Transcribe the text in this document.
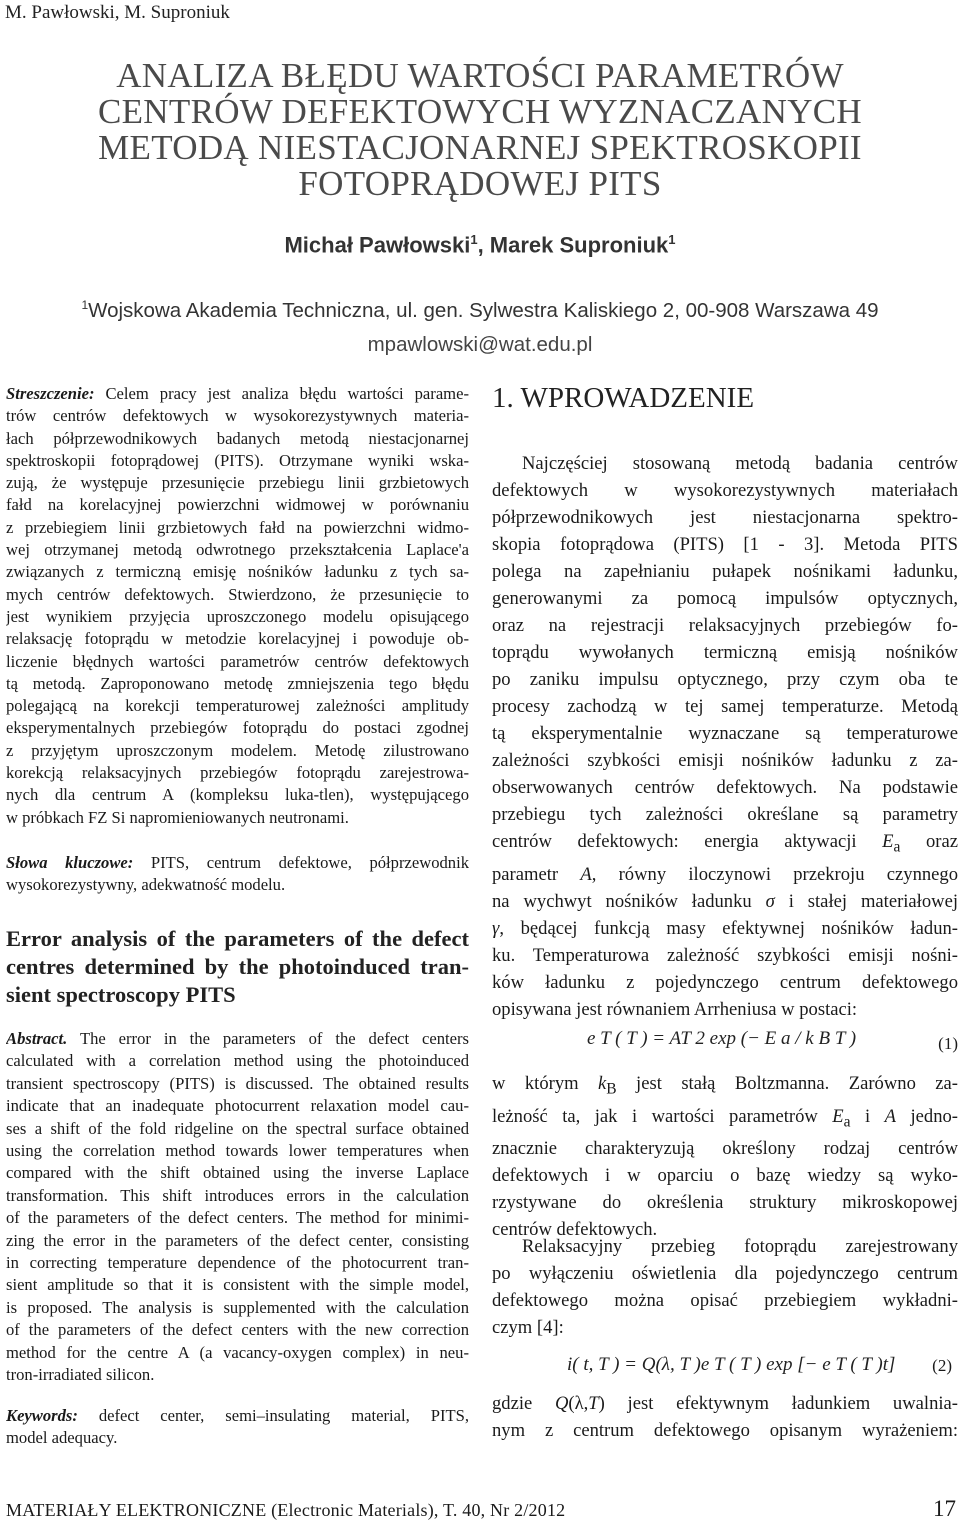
M. Pawłowski, M. Suproniuk
ANALIZA BŁĘDU WARTOŚCI PARAMETRÓW
CENTRÓW DEFEKTOWYCH WYZNACZANYCH
METODĄ NIESTACJONARNEJ SPEKTROSKOPII
FOTOPRĄDOWEJ PITS
Michał Pawłowski$^1$, Marek Suproniuk$^1$
$^1$Wojskowa Akademia Techniczna, ul. gen. Sylwestra Kaliskiego 2, 00-908 Warszawa 49
mpawlowski@wat.edu.pl
Streszczenie: Celem pracy jest analiza błędu wartości parame-
trów centrów defektowych w wysokorezystywnych materia-
łach półprzewodnikowych badanych metodą niestacjonarnej
spektroskopii fotoprądowej (PITS). Otrzymane wyniki wska-
zują, że występuje przesunięcie przebiegu linii grzbietowych
fałd na korelacyjnej powierzchni widmowej w porównaniu
z przebiegiem linii grzbietowych fałd na powierzchni widmo-
wej otrzymanej metodą odwrotnego przekształcenia Laplace'a
związanych z termiczną emisję nośników ładunku z tych sa-
mych centrów defektowych. Stwierdzono, że przesunięcie to
jest wynikiem przyjęcia uproszczonego modelu opisującego
relaksację fotoprądu w metodzie korelacyjnej i powoduje ob-
liczenie błędnych wartości parametrów centrów defektowych
tą metodą. Zaproponowano metodę zmniejszenia tego błędu
polegającą na korekcji temperaturowej zależności amplitudy
eksperymentalnych przebiegów fotoprądu do postaci zgodnej
z przyjętym uproszczonym modelem. Metodę zilustrowano
korekcją relaksacyjnych przebiegów fotoprądu zarejestrowa-
nych dla centrum A (kompleksu luka-tlen), występującego
w próbkach FZ Si napromieniowanych neutronami.
Słowa kluczowe: PITS, centrum defektowe, półprzewodnik
wysokorezystywny, adekwatność modelu.
Error analysis of the parameters of the defect
centres determined by the photoinduced tran-
sient spectroscopy PITS
Abstract. The error in the parameters of the defect centers
calculated with a correlation method using the photoinduced
transient spectroscopy (PITS) is discussed. The obtained results
indicate that an inadequate photocurrent relaxation model cau-
ses a shift of the fold ridgeline on the spectral surface obtained
using the correlation method towards lower temperatures when
compared with the shift obtained using the inverse Laplace
transformation. This shift introduces errors in the calculation
of the parameters of the defect centers. The method for minimi-
zing the error in the parameters of the defect center, consisting
in correcting temperature dependence of the photocurrent tran-
sient amplitude so that it is consistent with the simple model,
is proposed. The analysis is supplemented with the calculation
of the parameters of the defect centers with the new correction
method for the centre A (a vacancy-oxygen complex) in neu-
tron-irradiated silicon.
Keywords: defect center, semi–insulating material, PITS,
model adequacy.
1. WPROWADZENIE
Najczęściej stosowaną metodą badania centrów
defektowych w wysokorezystywnych materiałach
półprzewodnikowych jest niestacjonarna spektro-
skopia fotoprądowa (PITS) [1 - 3]. Metoda PITS
polega na zapełnianiu pułapek nośnikami ładunku,
generowanymi za pomocą impulsów optycznych,
oraz na rejestracji relaksacyjnych przebiegów fo-
toprądu wywołanych termiczną emisją nośników
po zaniku impulsu optycznego, przy czym oba te
procesy zachodzą w tej samej temperaturze. Metodą
tą eksperymentalnie wyznaczane są temperaturowe
zależności szybkości emisji nośników ładunku z za-
obserwowanych centrów defektowych. Na podstawie
przebiegu tych zależności określane są parametry
centrów defektowych: energia aktywacji $E_a$ oraz
parametr A, równy iloczynowi przekroju czynnego
na wychwyt nośników ładunku σ i stałej materiałowej
γ, będącej funkcją masy efektywnej nośników ładun-
ku. Temperaturowa zależność szybkości emisji nośni-
ków ładunku z pojedynczego centrum defektowego
opisywana jest równaniem Arrheniusa w postaci:
e T ( T ) = AT 2 exp (− E a / k B T )	(1)
w którym $k_B$ jest stałą Boltzmanna. Zarówno za-
leżność ta, jak i wartości parametrów $E_a$ i A jedno-
znacznie charakteryzują określony rodzaj centrów
defektowych i w oparciu o bazę wiedzy są wyko-
rzystywane do określenia struktury mikroskopowej
centrów defektowych.
Relaksacyjny przebieg fotoprądu zarejestrowany
po wyłączeniu oświetlenia dla pojedynczego centrum
defektowego można opisać przebiegiem wykładni-
czym [4]:
i( t, T ) = Q(λ, T )e T ( T ) exp [− e T ( T )t] (2)
gdzie Q(λ,T) jest efektywnym ładunkiem uwalnia-
nym z centrum defektowego opisanym wyrażeniem:
MATERIAŁY ELEKTRONICZNE (Electronic Materials), T. 40, Nr 2/2012	17
